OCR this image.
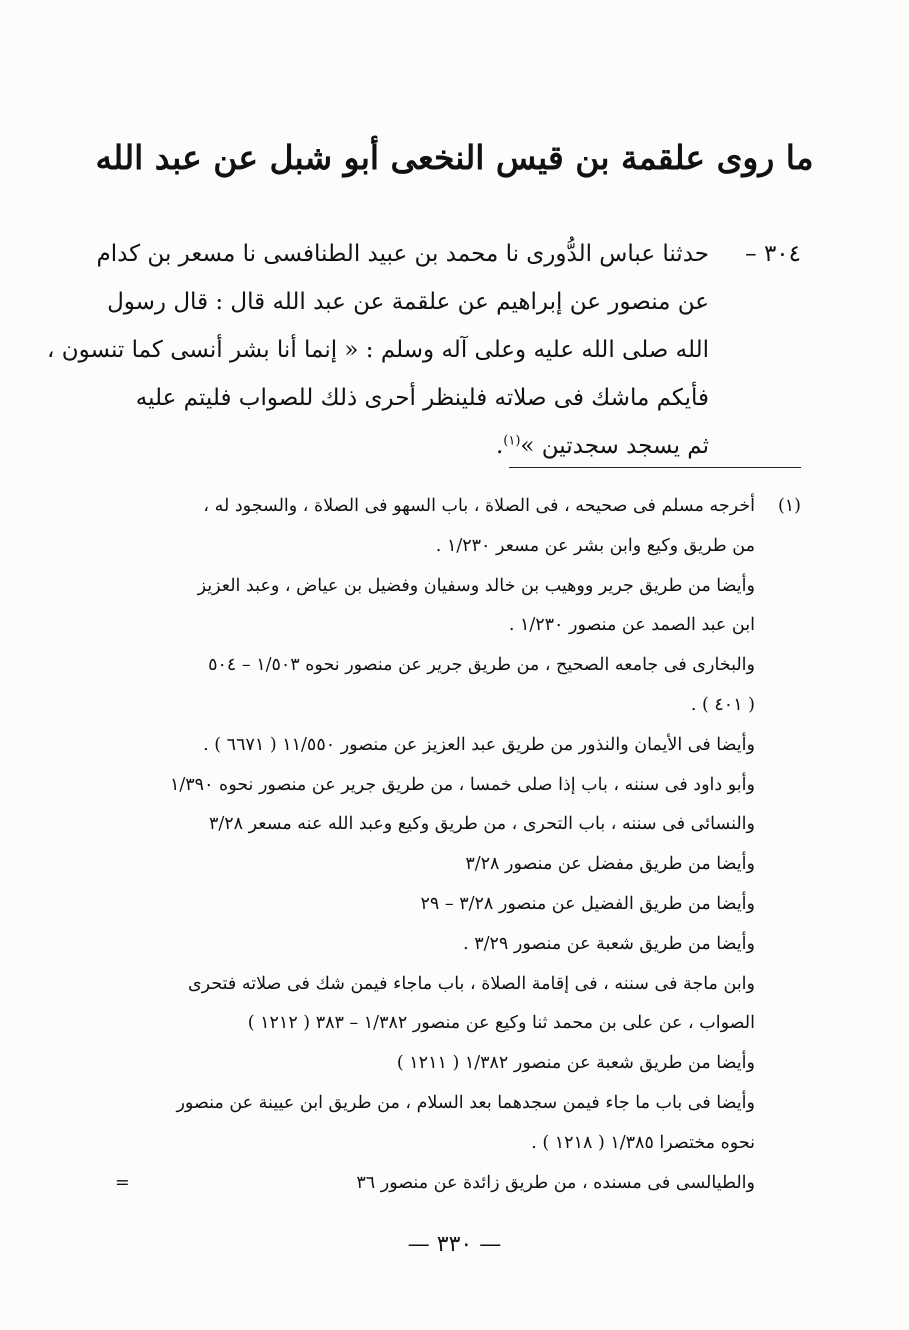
ما روى علقمة بن قيس النخعى أبو شبل عن عبد الله
٣٠٤ –حدثنا عباس الدُّورى نا محمد بن عبيد الطنافسى نا مسعر بن كدام
عن منصور عن إبراهيم عن علقمة عن عبد الله قال : قال رسول
الله صلى الله عليه وعلى آله وسلم : « إنما أنا بشر أنسى كما تنسون ،
فأيكم ماشك فى صلاته فلينظر أحرى ذلك للصواب فليتم عليه
ثم يسجد سجدتين »$^{(١)}$.
(١)
أخرجه مسلم فى صحيحه ، فى الصلاة ، باب السهو فى الصلاة ، والسجود له ،
من طريق وكيع وابن بشر عن مسعر ١/٢٣٠ .
وأيضا من طريق جرير ووهيب بن خالد وسفيان وفضيل بن عياض ، وعبد العزيز
ابن عبد الصمد عن منصور ١/٢٣٠ .
والبخارى فى جامعه الصحيح ، من طريق جرير عن منصور نحوه ١/٥٠٣ – ٥٠٤
( ٤٠١ ) .
وأيضا فى الأيمان والنذور من طريق عبد العزيز عن منصور ١١/٥٥٠ ( ٦٦٧١ ) .
وأبو داود فى سننه ، باب إذا صلى خمسا ، من طريق جرير عن منصور نحوه ١/٣٩٠
والنسائى فى سننه ، باب التحرى ، من طريق وكيع وعبد الله عنه مسعر ٣/٢٨
وأيضا من طريق مفضل عن منصور ٣/٢٨
وأيضا من طريق الفضيل عن منصور ٣/٢٨ – ٢٩
وأيضا من طريق شعبة عن منصور ٣/٢٩ .
وابن ماجة فى سننه ، فى إقامة الصلاة ، باب ماجاء فيمن شك فى صلاته فتحرى
الصواب ، عن على بن محمد ثنا وكيع عن منصور ١/٣٨٢ – ٣٨٣ ( ١٢١٢ )
وأيضا من طريق شعبة عن منصور ١/٣٨٢ ( ١٢١١ )
وأيضا فى باب ما جاء فيمن سجدهما بعد السلام ، من طريق ابن عيينة عن منصور
نحوه مختصرا ١/٣٨٥ ( ١٢١٨ ) .
والطيالسى فى مسنده ، من طريق زائدة عن منصور ٣٦
=
— ٣٣٠ —
